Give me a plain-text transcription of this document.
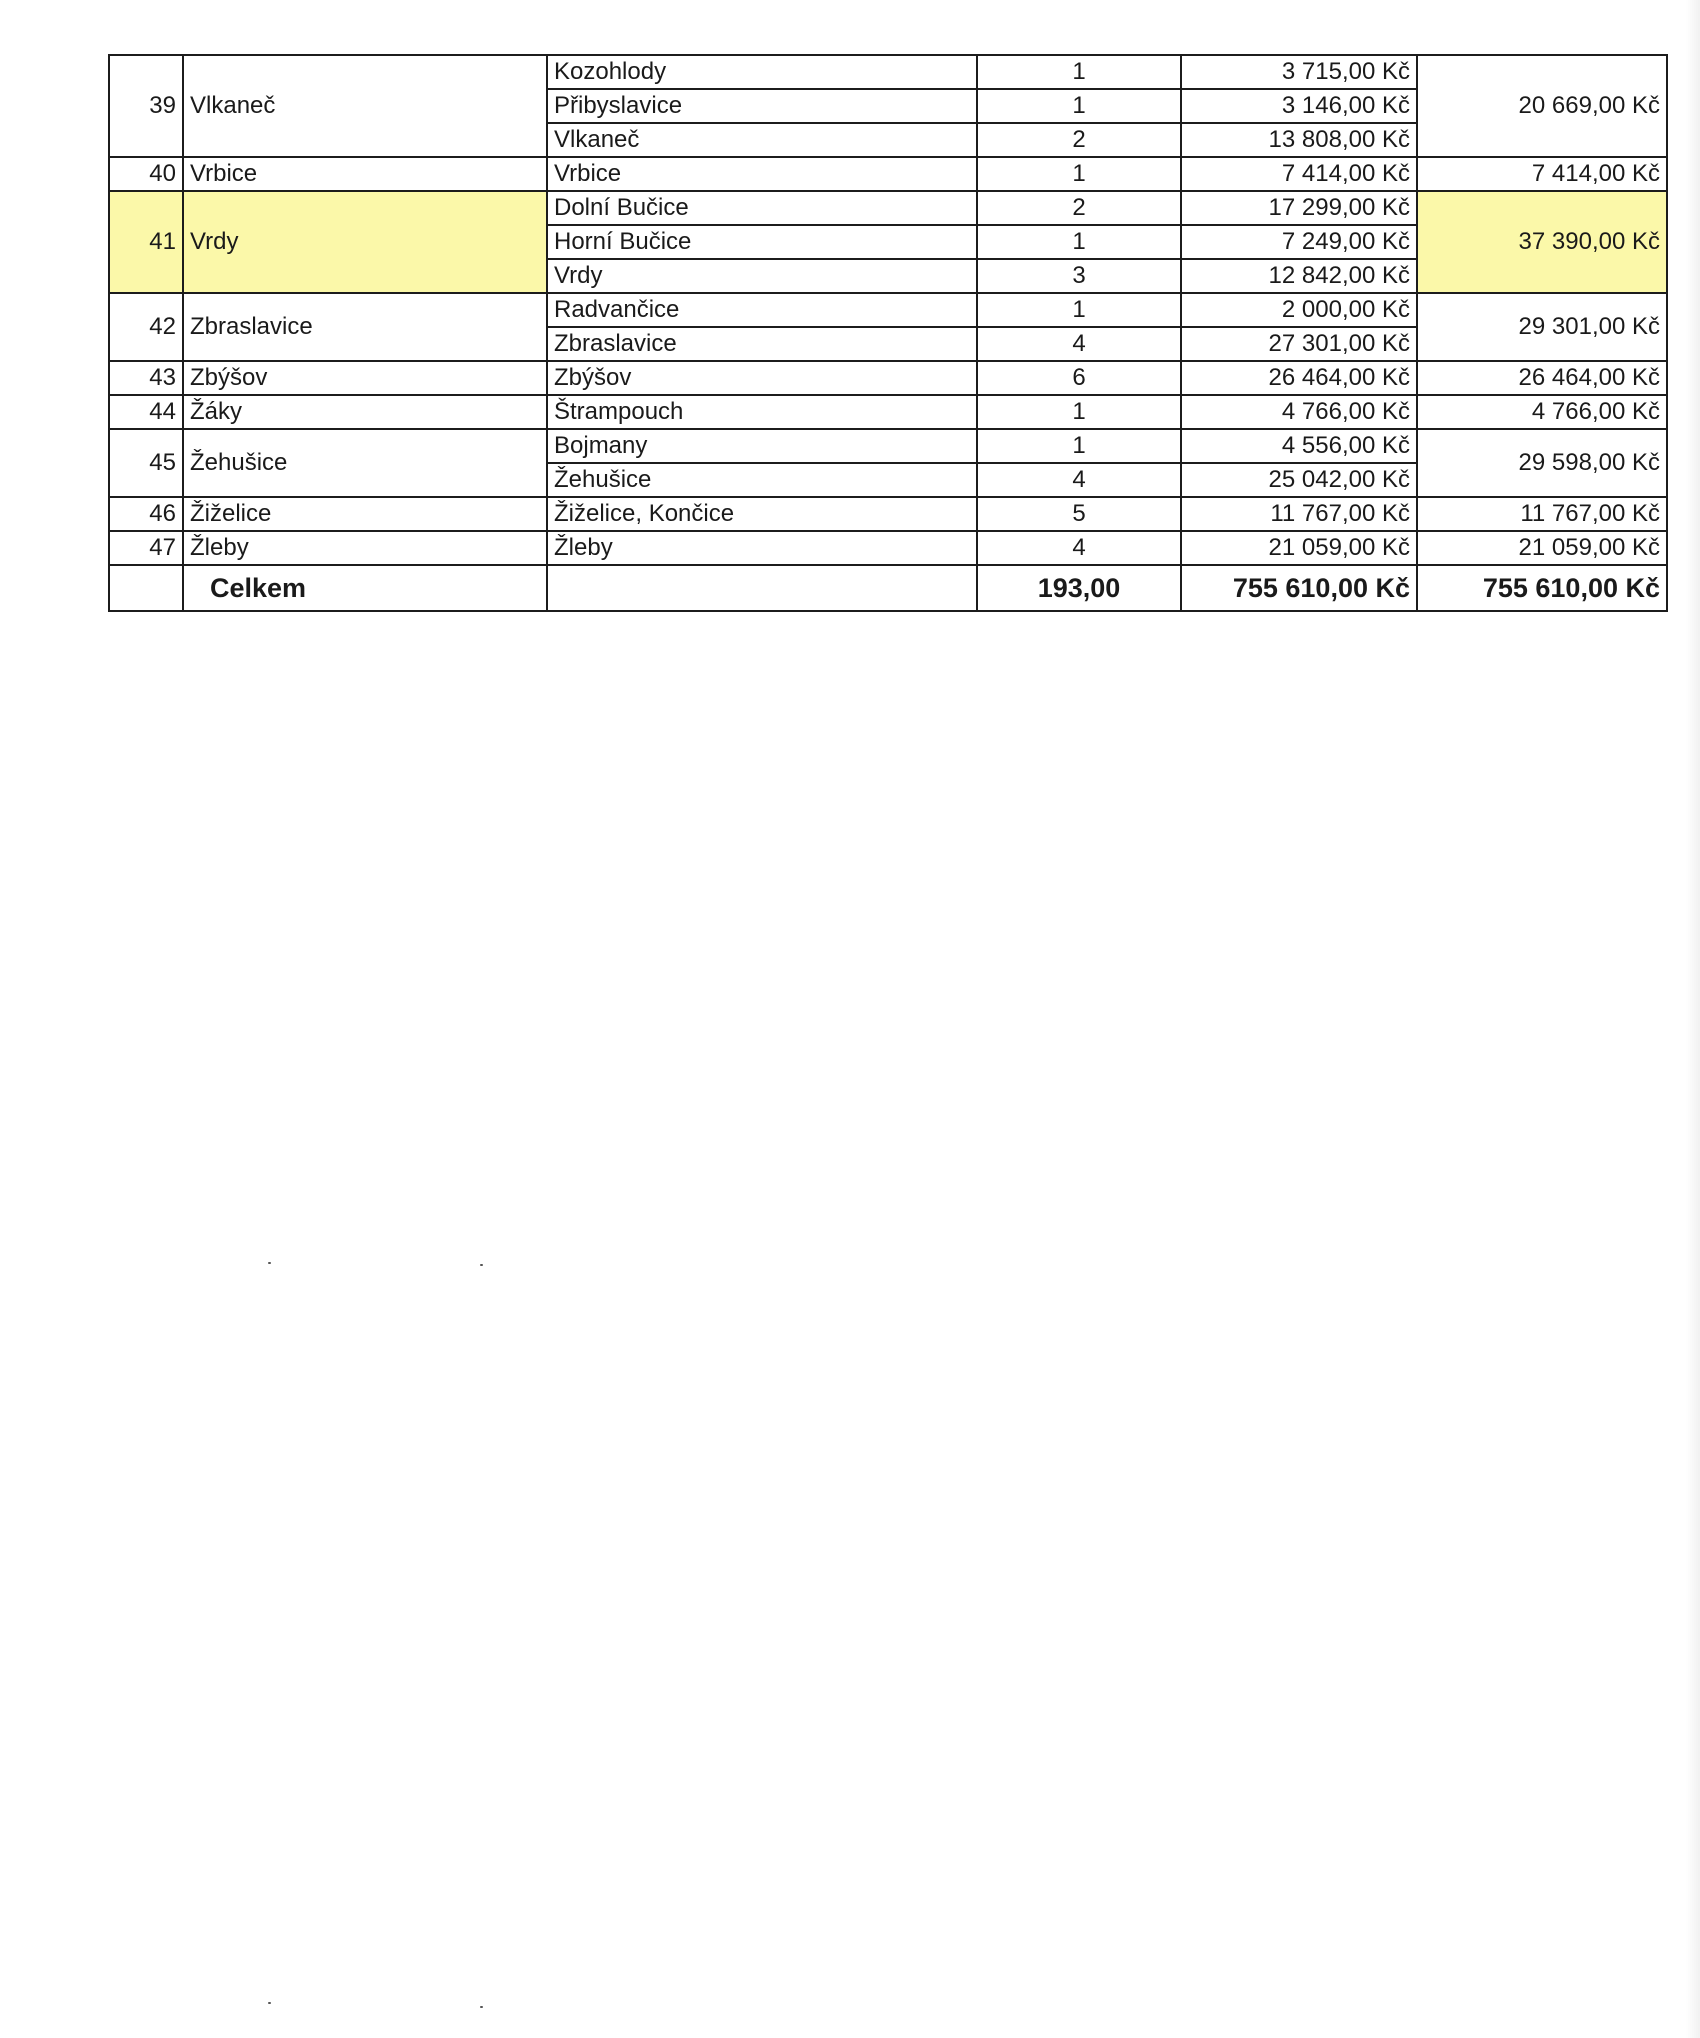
39	Vlkaneč	Kozohlody	1	3 715,00 Kč	20 669,00 Kč
		Přibyslavice	1	3 146,00 Kč	
		Vlkaneč	2	13 808,00 Kč	
40	Vrbice	Vrbice	1	7 414,00 Kč	7 414,00 Kč
41	Vrdy	Dolní Bučice	2	17 299,00 Kč	37 390,00 Kč
		Horní Bučice	1	7 249,00 Kč	
		Vrdy	3	12 842,00 Kč	
42	Zbraslavice	Radvančice	1	2 000,00 Kč	29 301,00 Kč
		Zbraslavice	4	27 301,00 Kč	
43	Zbýšov	Zbýšov	6	26 464,00 Kč	26 464,00 Kč
44	Žáky	Štrampouch	1	4 766,00 Kč	4 766,00 Kč
45	Žehušice	Bojmany	1	4 556,00 Kč	29 598,00 Kč
		Žehušice	4	25 042,00 Kč	
46	Žiželice	Žiželice, Končice	5	11 767,00 Kč	11 767,00 Kč
47	Žleby	Žleby	4	21 059,00 Kč	21 059,00 Kč
	Celkem		193,00	755 610,00 Kč	755 610,00 Kč
